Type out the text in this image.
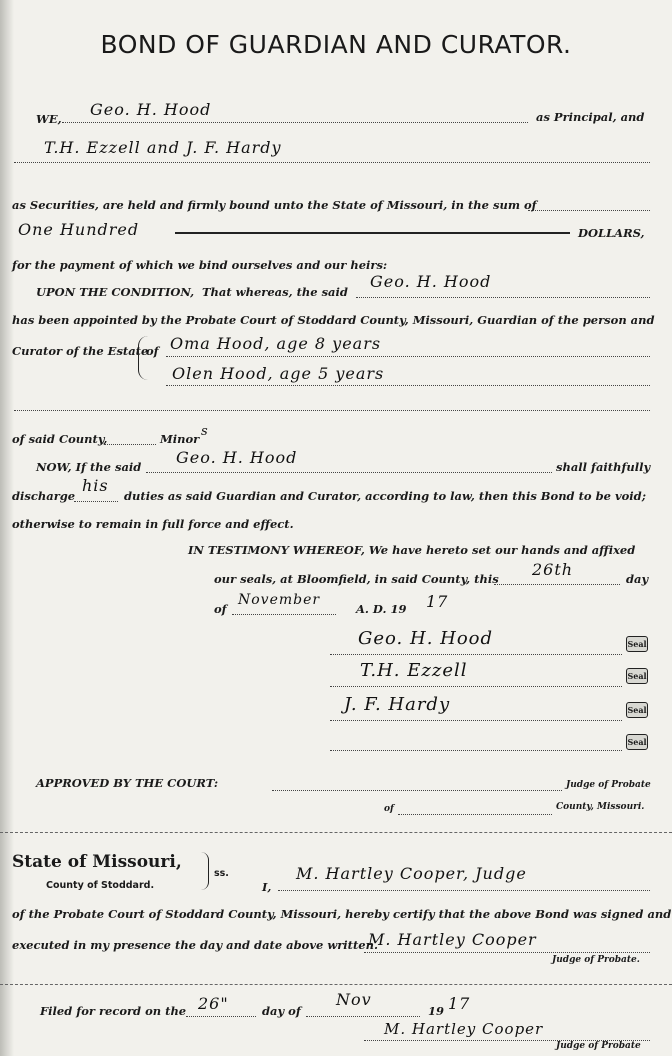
BOND OF GUARDIAN AND CURATOR.
WE, Geo. H. Hood	as Principal, and
T.H. Ezzell and J. F. Hardy
as Securities, are held and firmly bound unto the State of Missouri, in the sum of
One Hundred	DOLLARS,
for the payment of which we bind ourselves and our heirs:
UPON THE CONDITION, That whereas, the said
Geo. H. Hood
has been appointed by the Probate Court of Stoddard County, Missouri, Guardian of the person and
Curator of the Estate
of Oma Hood, age 8 years
Olen Hood, age 5 years
of said County,	Minor s
NOW, If the said Geo. H. Hood	shall faithfully
discharge
his
duties as said Guardian and Curator, according to law, then this Bond to be void;
otherwise to remain in full force and effect.
IN TESTIMONY WHEREOF, We have hereto set our hands and affixed
our seals, at Bloomfield, in said County, this 26th	day
of
November
A. D. 19 17
Geo. H. Hood	Seal
T.H. Ezzell	Seal
J. F. Hardy	Seal
Seal
APPROVED BY THE COURT:	Judge of Probate
of	County, Missouri.
State of Missouri,
ss.
County of Stoddard.	I,
M. Hartley Cooper, Judge
of the Probate Court of Stoddard County, Missouri, hereby certify that the above Bond was signed and
executed in my presence the day and date above written.
M. Hartley Cooper
Judge of Probate.
Filed for record on the 26"	day of
Nov
19 17
M. Hartley Cooper
Judge of Probate
